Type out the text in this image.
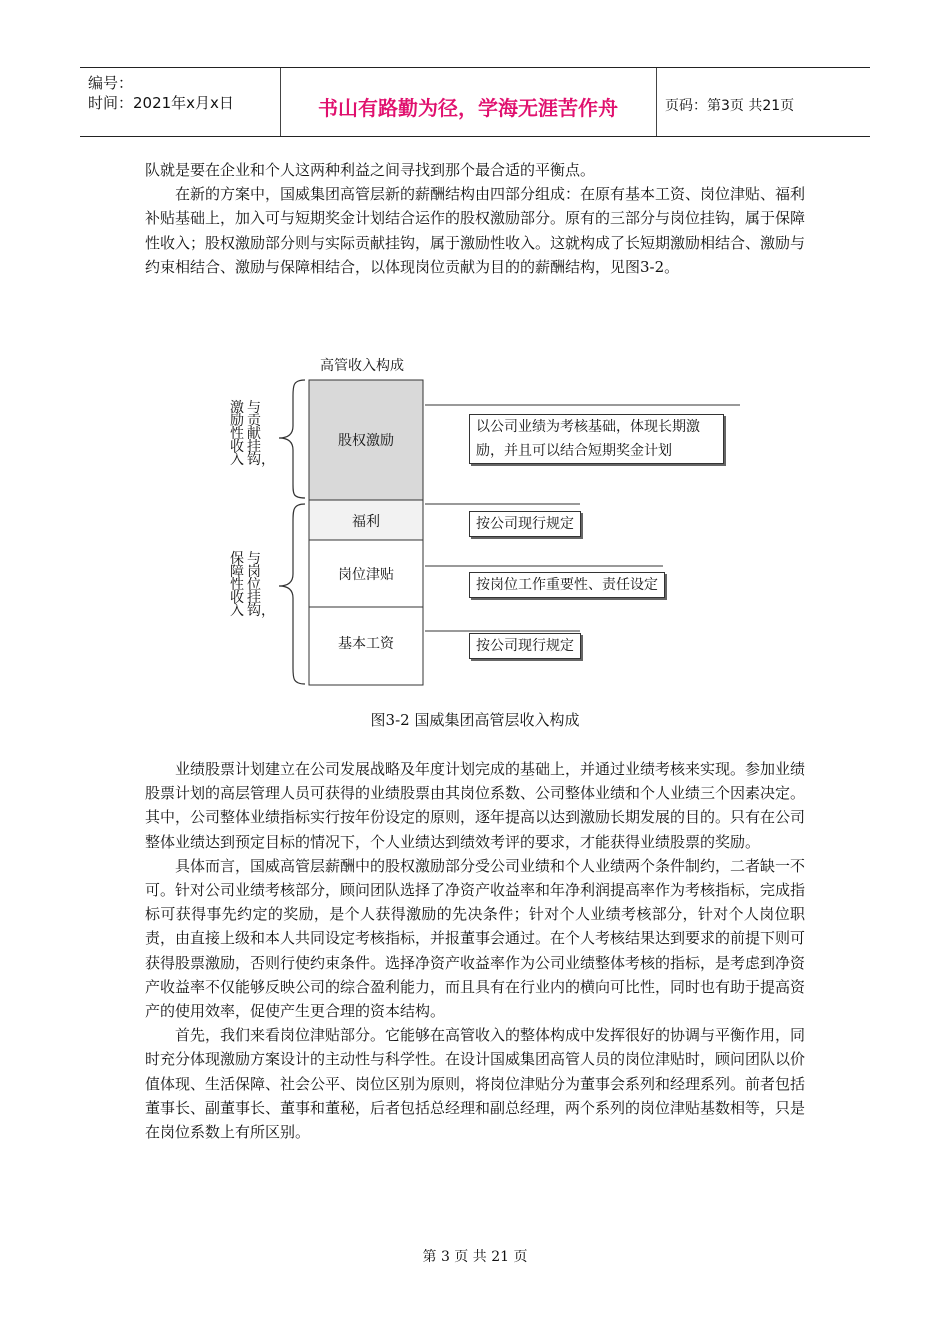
编号：
时间：2021年x月x日	书山有路勤为径，学海无涯苦作舟	页码：第3页 共21页

队就是要在企业和个人这两种利益之间寻找到那个最合适的平衡点。

在新的方案中，国威集团高管层新的薪酬结构由四部分组成：在原有基本工资、岗位津贴、福利补贴基础上，加入可与短期奖金计划结合运作的股权激励部分。原有的三部分与岗位挂钩，属于保障性收入；股权激励部分则与实际贡献挂钩，属于激励性收入。这就构成了长短期激励相结合、激励与约束相结合、激励与保障相结合，以体现岗位贡献为目的的薪酬结构，见图3-2。

高管收入构成
股权激励
福利
岗位津贴
基本工资
以公司业绩为考核基础，体现长期激
励，并且可以结合短期奖金计划
按公司现行规定
按岗位工作重要性、责任设定
按公司现行规定
与贡献挂钩，
激励性收入
与岗位挂钩，
保障性收入
图3-2 国威集团高管层收入构成

业绩股票计划建立在公司发展战略及年度计划完成的基础上，并通过业绩考核来实现。参加业绩股票计划的高层管理人员可获得的业绩股票由其岗位系数、公司整体业绩和个人业绩三个因素决定。其中，公司整体业绩指标实行按年份设定的原则，逐年提高以达到激励长期发展的目的。只有在公司整体业绩达到预定目标的情况下，个人业绩达到绩效考评的要求，才能获得业绩股票的奖励。

具体而言，国威高管层薪酬中的股权激励部分受公司业绩和个人业绩两个条件制约，二者缺一不可。针对公司业绩考核部分，顾问团队选择了净资产收益率和年净利润提高率作为考核指标，完成指标可获得事先约定的奖励，是个人获得激励的先决条件；针对个人业绩考核部分，针对个人岗位职责，由直接上级和本人共同设定考核指标，并报董事会通过。在个人考核结果达到要求的前提下则可获得股票激励，否则行使约束条件。选择净资产收益率作为公司业绩整体考核的指标，是考虑到净资产收益率不仅能够反映公司的综合盈利能力，而且具有在行业内的横向可比性，同时也有助于提高资产的使用效率，促使产生更合理的资本结构。

首先，我们来看岗位津贴部分。它能够在高管收入的整体构成中发挥很好的协调与平衡作用，同时充分体现激励方案设计的主动性与科学性。在设计国威集团高管人员的岗位津贴时，顾问团队以价值体现、生活保障、社会公平、岗位区别为原则，将岗位津贴分为董事会系列和经理系列。前者包括董事长、副董事长、董事和董秘，后者包括总经理和副总经理，两个系列的岗位津贴基数相等，只是在岗位系数上有所区别。

第 3 页 共 21 页
